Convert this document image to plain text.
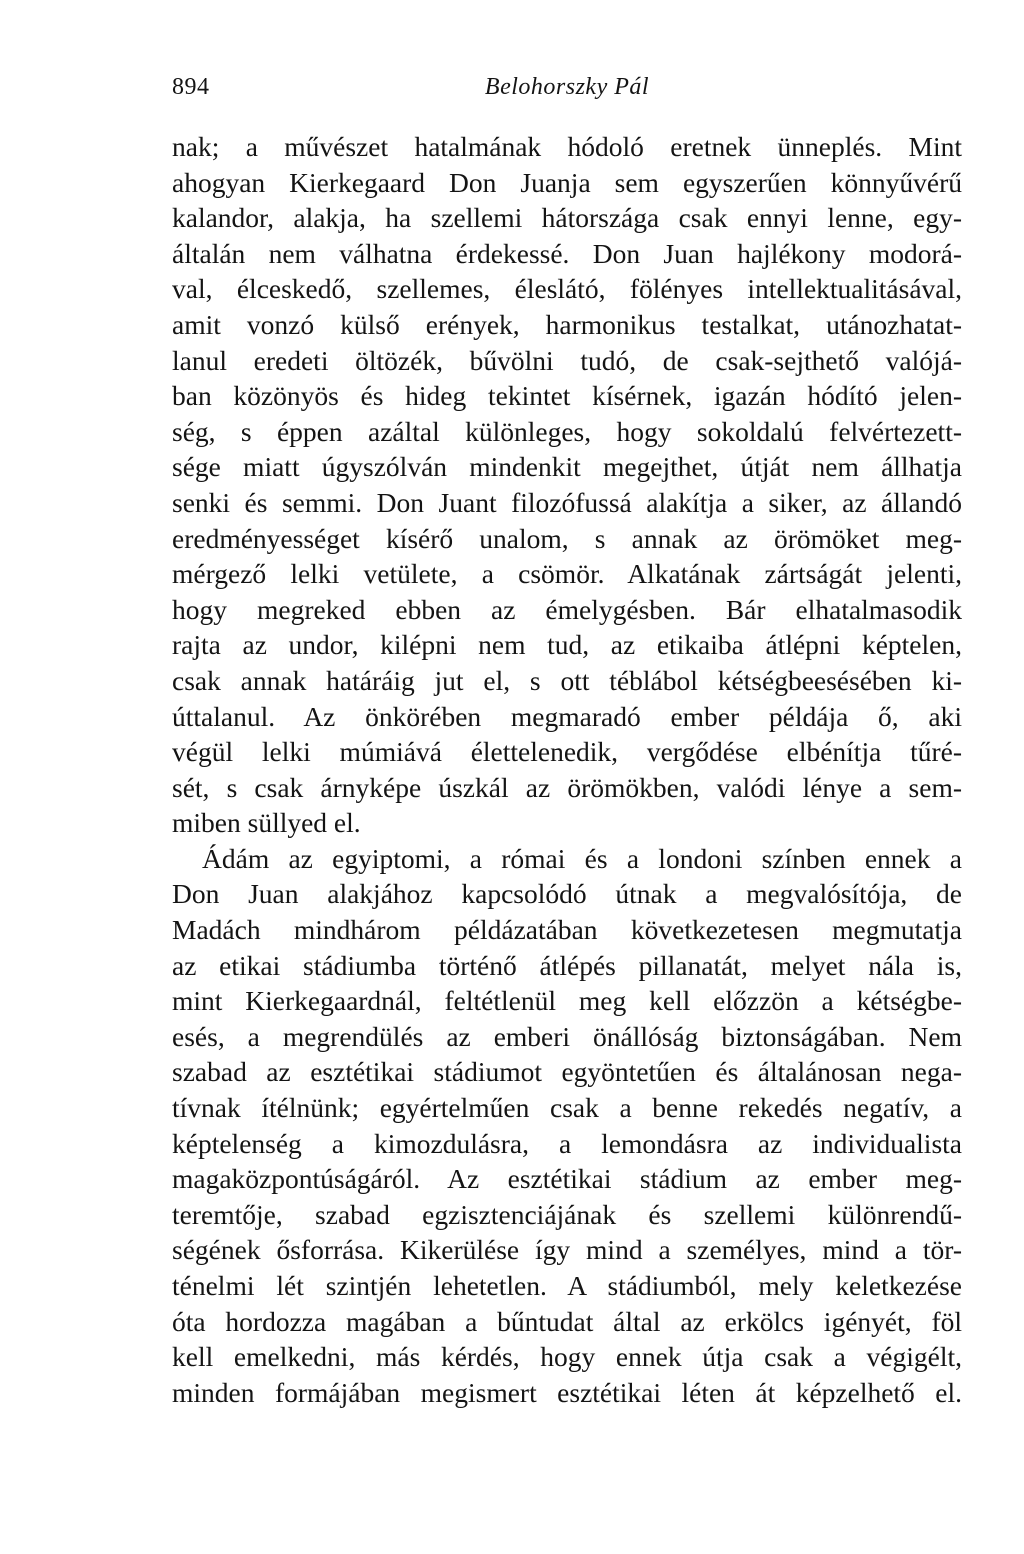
894	Belohorszky Pál
nak; a művészet hatalmának hódoló eretnek ünneplés. Mint
ahogyan Kierkegaard Don Juanja sem egyszerűen könnyűvérű
kalandor, alakja, ha szellemi hátországa csak ennyi lenne, egy-
általán nem válhatna érdekessé. Don Juan hajlékony modorá-
val, élceskedő, szellemes, éleslátó, fölényes intellektualitásával,
amit vonzó külső erények, harmonikus testalkat, utánozhatat-
lanul eredeti öltözék, bűvölni tudó, de csak-sejthető valójá-
ban közönyös és hideg tekintet kísérnek, igazán hódító jelen-
ség, s éppen azáltal különleges, hogy sokoldalú felvértezett-
sége miatt úgyszólván mindenkit megejthet, útját nem állhatja
senki és semmi. Don Juant filozófussá alakítja a siker, az állandó
eredményességet kísérő unalom, s annak az örömöket meg-
mérgező lelki vetülete, a csömör. Alkatának zártságát jelenti,
hogy megreked ebben az émelygésben. Bár elhatalmasodik
rajta az undor, kilépni nem tud, az etikaiba átlépni képtelen,
csak annak határáig jut el, s ott téblábol kétségbeesésében ki-
úttalanul. Az önkörében megmaradó ember példája ő, aki
végül lelki múmiává élettelenedik, vergődése elbénítja tűré-
sét, s csak árnyképe úszkál az örömökben, valódi lénye a sem-
miben süllyed el.
Ádám az egyiptomi, a római és a londoni színben ennek a
Don Juan alakjához kapcsolódó útnak a megvalósítója, de
Madách mindhárom példázatában következetesen megmutatja
az etikai stádiumba történő átlépés pillanatát, melyet nála is,
mint Kierkegaardnál, feltétlenül meg kell előzzön a kétségbe-
esés, a megrendülés az emberi önállóság biztonságában. Nem
szabad az esztétikai stádiumot egyöntetűen és általánosan nega-
tívnak ítélnünk; egyértelműen csak a benne rekedés negatív, a
képtelenség a kimozdulásra, a lemondásra az individualista
magaközpontúságáról. Az esztétikai stádium az ember meg-
teremtője, szabad egzisztenciájának és szellemi különrendű-
ségének ősforrása. Kikerülése így mind a személyes, mind a tör-
ténelmi lét szintjén lehetetlen. A stádiumból, mely keletkezése
óta hordozza magában a bűntudat által az erkölcs igényét, föl
kell emelkedni, más kérdés, hogy ennek útja csak a végigélt,
minden formájában megismert esztétikai léten át képzelhető el.
